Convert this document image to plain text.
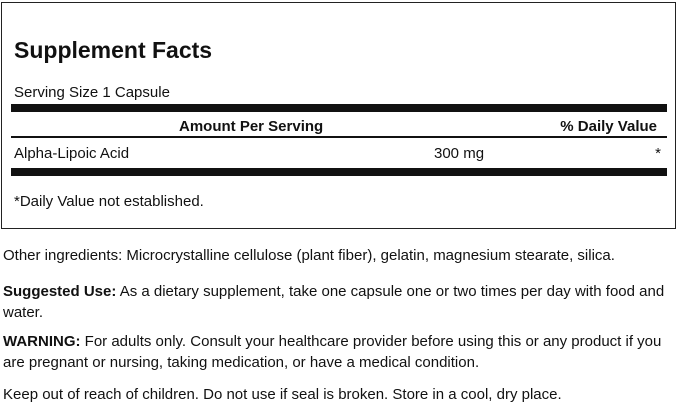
Supplement Facts
Serving Size 1 Capsule
Amount Per Serving	% Daily Value
Alpha-Lipoic Acid	300 mg	*
*Daily Value not established.

Other ingredients: Microcrystalline cellulose (plant fiber), gelatin, magnesium stearate, silica.

Suggested Use: As a dietary supplement, take one capsule one or two times per day with food and water.

WARNING: For adults only. Consult your healthcare provider before using this or any product if you are pregnant or nursing, taking medication, or have a medical condition.

Keep out of reach of children. Do not use if seal is broken. Store in a cool, dry place.
